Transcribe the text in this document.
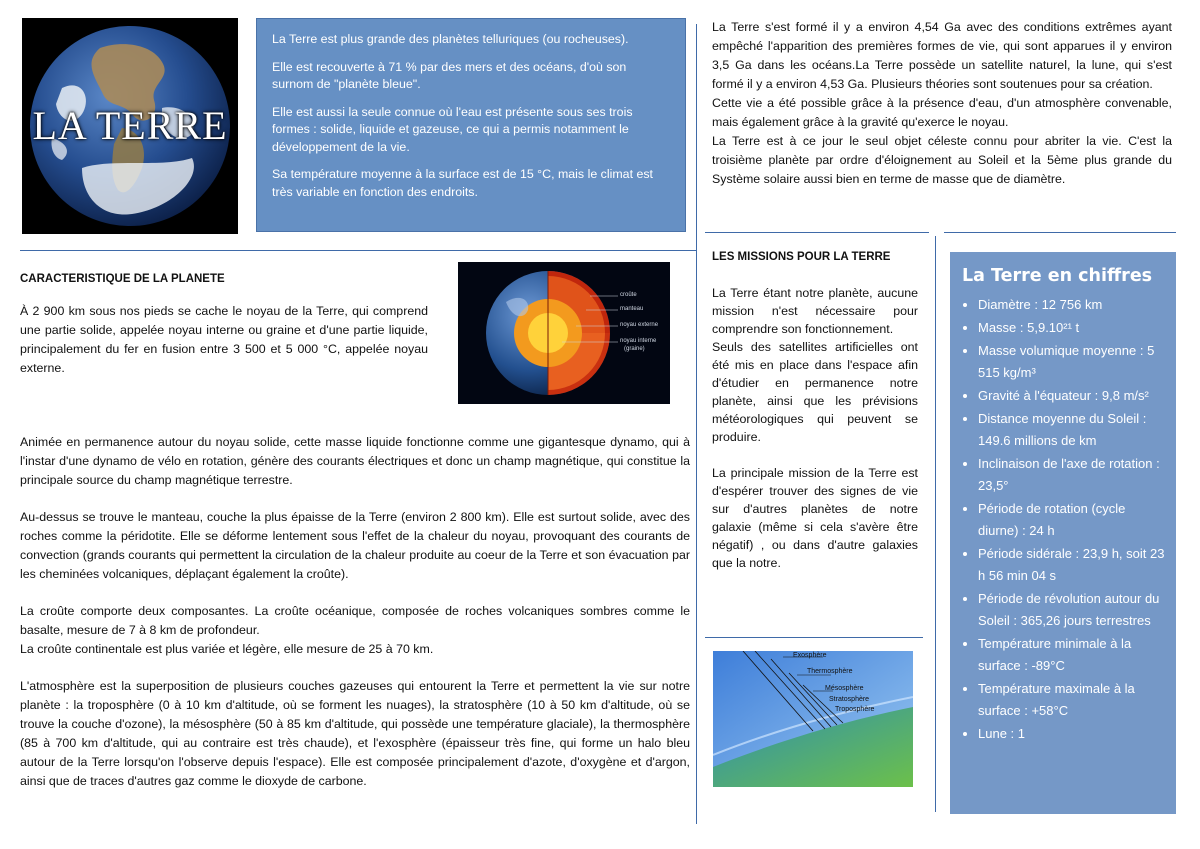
LA TERRE

La Terre est plus grande des planètes telluriques (ou rocheuses).

Elle est recouverte à 71 % par des mers et des océans, d'où son surnom de "planète bleue".

Elle est aussi la seule connue où l'eau est présente sous ses trois formes : solide, liquide et gazeuse, ce qui a permis notamment le développement de la vie.

Sa température moyenne à la surface est de 15 °C, mais le climat est très variable en fonction des endroits.

CARACTERISTIQUE DE LA PLANETE

À 2 900 km sous nos pieds se cache le noyau de la Terre, qui comprend une partie solide, appelée noyau interne ou graine et d'une partie liquide, principalement du fer en fusion entre 3 500 et 5 000 °C, appelée noyau externe.

Animée en permanence autour du noyau solide, cette masse liquide fonctionne comme une gigantesque dynamo, qui à l'instar d'une dynamo de vélo en rotation, génère des courants électriques et donc un champ magnétique, qui constitue la principale source du champ magnétique terrestre.

Au-dessus se trouve le manteau, couche la plus épaisse de la Terre (environ 2 800 km). Elle est surtout solide, avec des roches comme la péridotite. Elle se déforme lentement sous l'effet de la chaleur du noyau, provoquant des courants de convection (grands courants qui permettent la circulation de la chaleur produite au coeur de la Terre et son évacuation par les cheminées volcaniques, déplaçant également la croûte).

La croûte comporte deux composantes. La croûte océanique, composée de roches volcaniques sombres comme le basalte, mesure de 7 à 8 km de profondeur.

La croûte continentale est plus variée et légère, elle mesure de 25 à 70 km.

L'atmosphère est la superposition de plusieurs couches gazeuses qui entourent la Terre et permettent la vie sur notre planète : la troposphère (0 à 10 km d'altitude, où se forment les nuages), la stratosphère (10 à 50 km d'altitude, où se trouve la couche d'ozone), la mésosphère (50 à 85 km d'altitude, qui possède une température glaciale), la thermosphère (85 à 700 km d'altitude, qui au contraire est très chaude), et l'exosphère (épaisseur très fine, qui forme un halo bleu autour de la Terre lorsqu'on l'observe depuis l'espace). Elle est composée principalement d'azote, d'oxygène et d'argon, ainsi que de traces d'autres gaz comme le dioxyde de carbone.

croûte
manteau
noyau externe
noyau interne
(graine)

La Terre s'est formé il y a environ 4,54 Ga avec des conditions extrêmes ayant empêché l'apparition des premières formes de vie, qui sont apparues il y environ 3,5 Ga dans les océans.La Terre possède un satellite naturel, la lune, qui s'est formé il y a environ 4,53 Ga. Plusieurs théories sont soutenues pour sa création.

Cette vie a été possible grâce à la présence d'eau, d'un atmosphère convenable, mais également grâce à la gravité qu'exerce le noyau.

La Terre est à ce jour le seul objet céleste connu pour abriter la vie. C'est la troisième planète par ordre d'éloignement au Soleil et la 5ème plus grande du Système solaire aussi bien en terme de masse que de diamètre.

LES MISSIONS POUR LA TERRE

La Terre étant notre planète, aucune mission n'est nécessaire pour comprendre son fonctionnement.

Seuls des satellites artificielles ont été mis en place dans l'espace afin d'étudier en permanence notre planète, ainsi que les prévisions météorologiques qui peuvent se produire.

La principale mission de la Terre est d'espérer trouver des signes de vie sur d'autres planètes de notre galaxie (même si cela s'avère être négatif) , ou dans d'autre galaxies que la notre.

Exosphère
Thermosphère
Mésosphère
Stratosphère
Troposphère
La Terre en chiffres
• Diamètre : 12 756 km
• Masse : 5,9.10²¹ t
• Masse volumique moyenne : 5 515 kg/m³
• Gravité à l'équateur : 9,8 m/s²
• Distance moyenne du Soleil : 149.6 millions de km
• Inclinaison de l'axe de rotation : 23,5°
• Période de rotation (cycle diurne) : 24 h
• Période sidérale : 23,9 h, soit 23 h 56 min 04 s
• Période de révolution autour du Soleil : 365,26 jours terrestres
• Température minimale à la surface : -89°C
• Température maximale à la surface : +58°C
• Lune : 1
